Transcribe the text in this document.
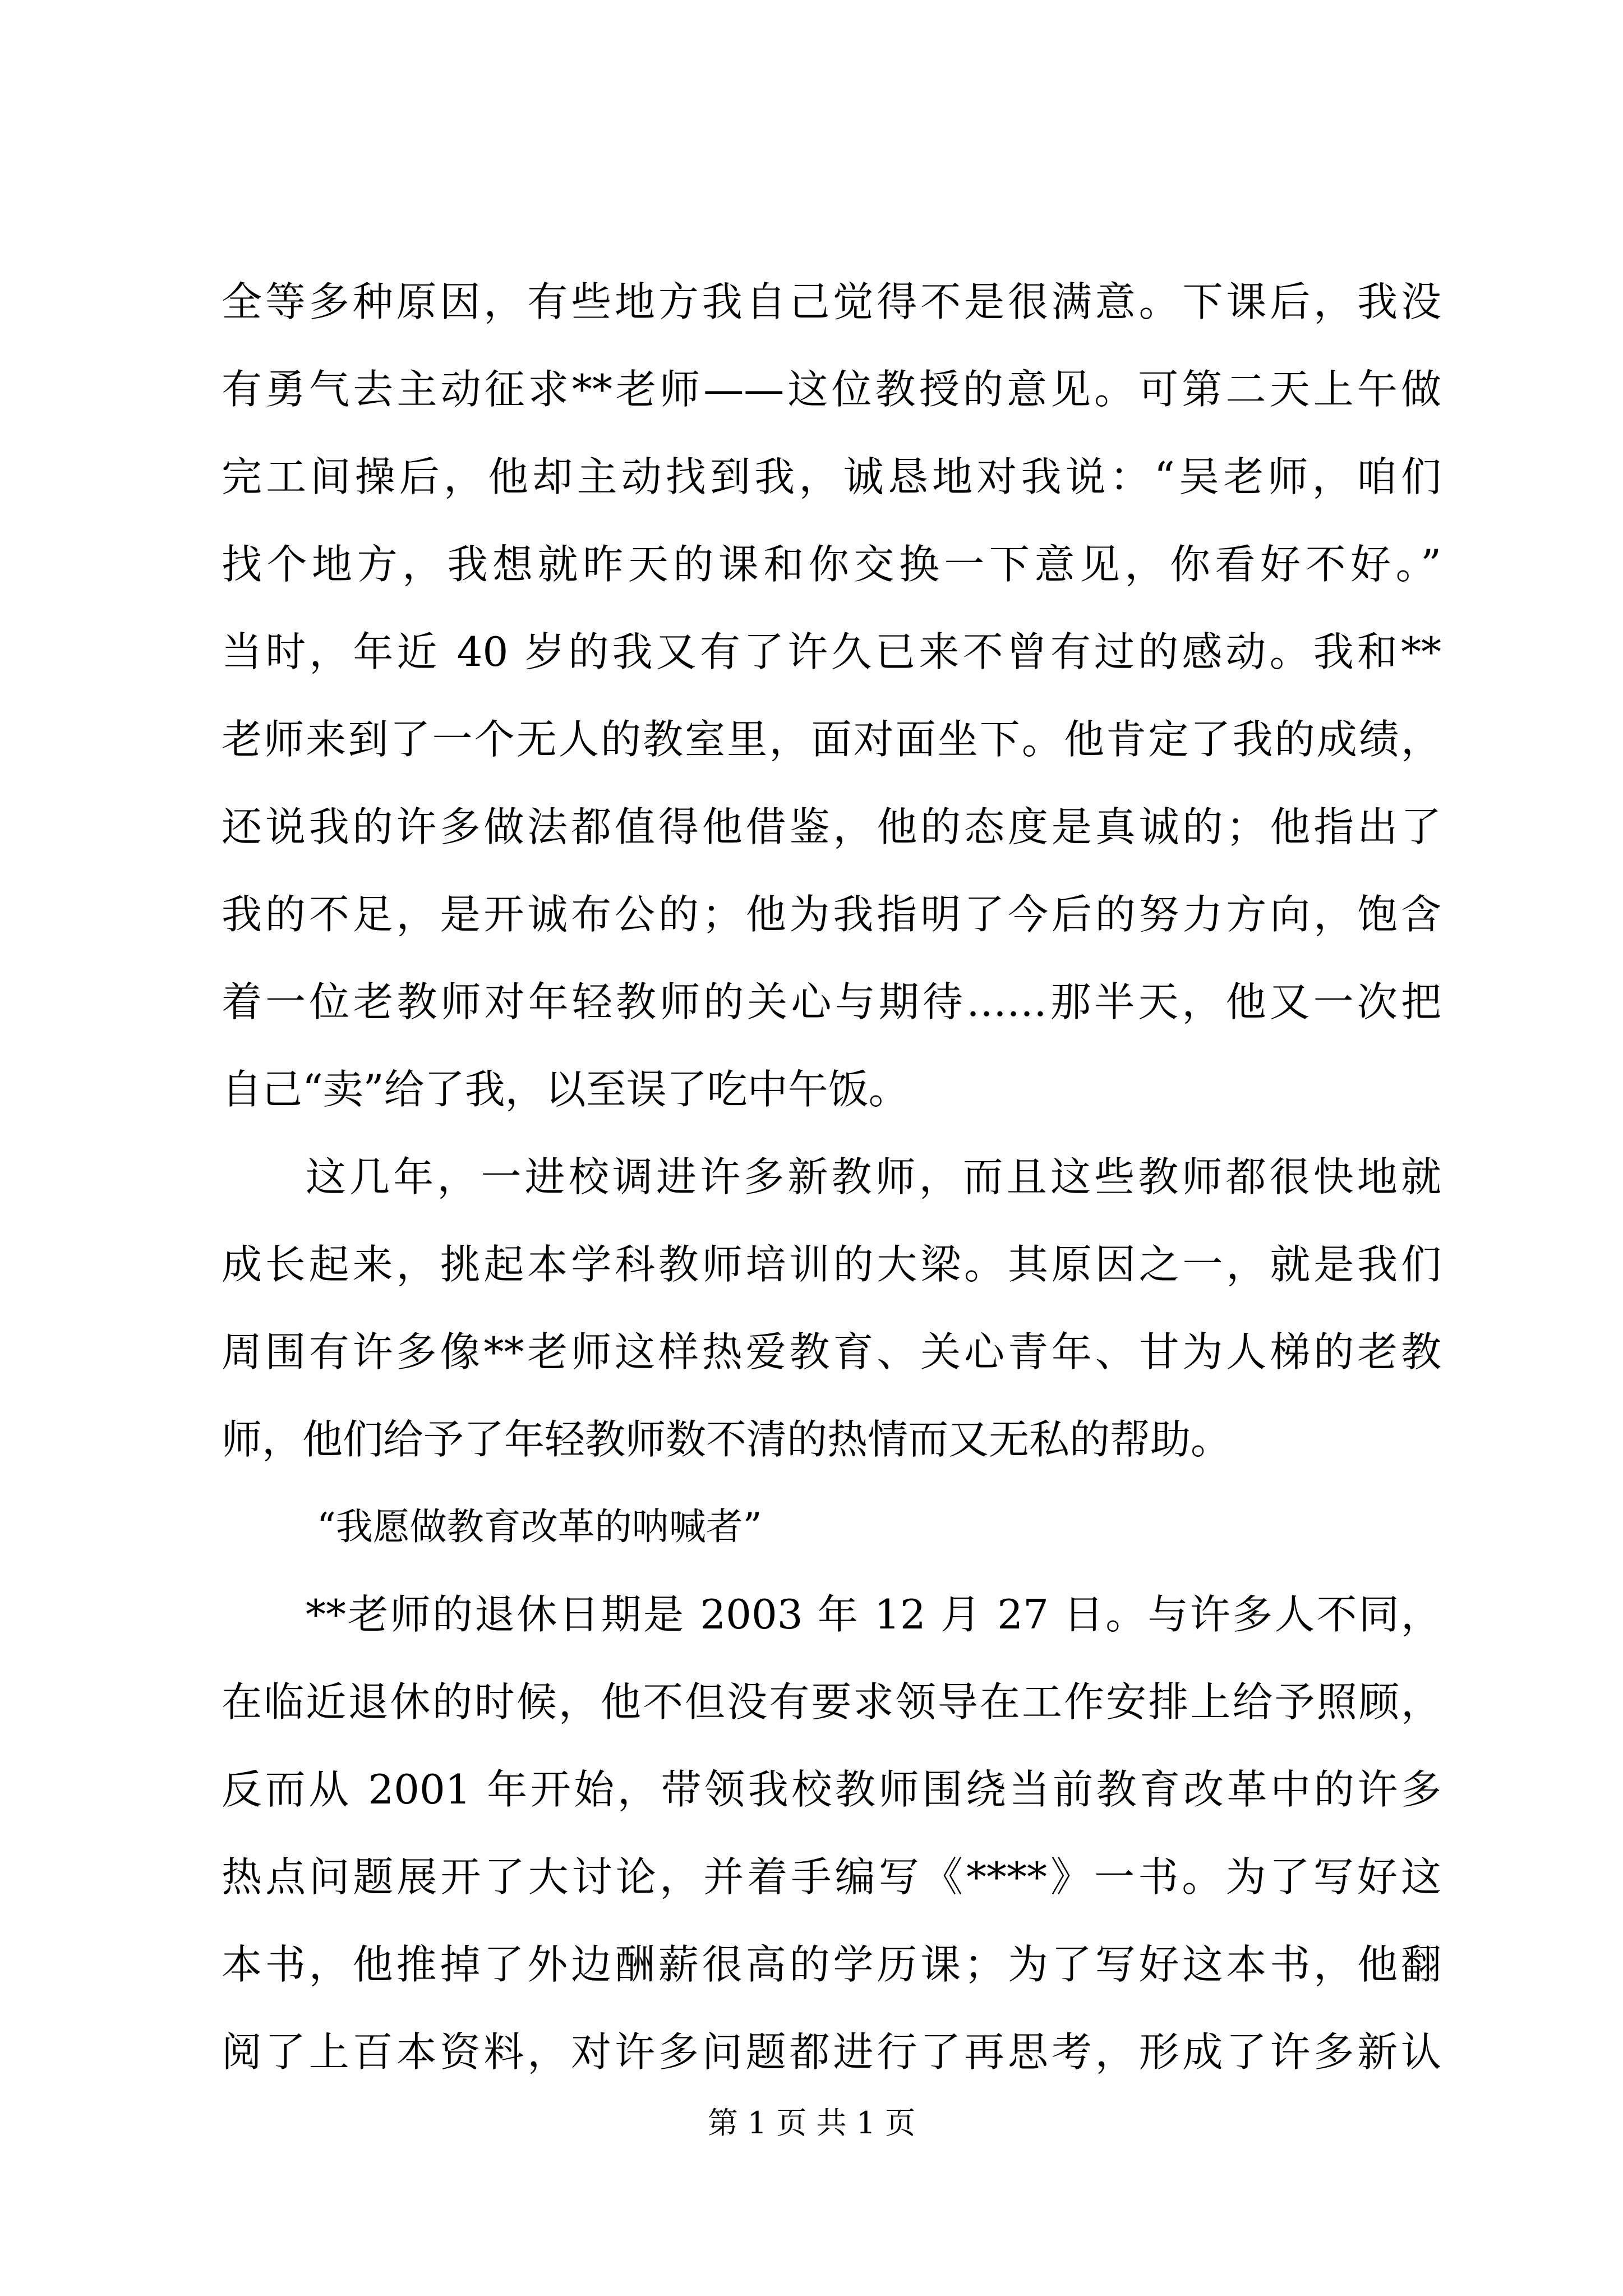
全等多种原因，有些地方我自己觉得不是很满意。下课后，我没
有勇气去主动征求**老师——这位教授的意见。可第二天上午做
完工间操后，他却主动找到我，诚恳地对我说：“吴老师，咱们
找个地方，我想就昨天的课和你交换一下意见，你看好不好。”
当时，年近 40 岁的我又有了许久已来不曾有过的感动。我和**
老师来到了一个无人的教室里，面对面坐下。他肯定了我的成绩，
还说我的许多做法都值得他借鉴，他的态度是真诚的；他指出了
我的不足，是开诚布公的；他为我指明了今后的努力方向，饱含
着一位老教师对年轻教师的关心与期待……那半天，他又一次把
自己“卖”给了我，以至误了吃中午饭。
这几年，一进校调进许多新教师，而且这些教师都很快地就
成长起来，挑起本学科教师培训的大梁。其原因之一，就是我们
周围有许多像**老师这样热爱教育、关心青年、甘为人梯的老教
师，他们给予了年轻教师数不清的热情而又无私的帮助。
“我愿做教育改革的呐喊者”
**老师的退休日期是 2003 年 12 月 27 日。与许多人不同，
在临近退休的时候，他不但没有要求领导在工作安排上给予照顾，
反而从 2001 年开始，带领我校教师围绕当前教育改革中的许多
热点问题展开了大讨论，并着手编写《****》一书。为了写好这
本书，他推掉了外边酬薪很高的学历课；为了写好这本书，他翻
阅了上百本资料，对许多问题都进行了再思考，形成了许多新认
第 1 页 共 1 页
